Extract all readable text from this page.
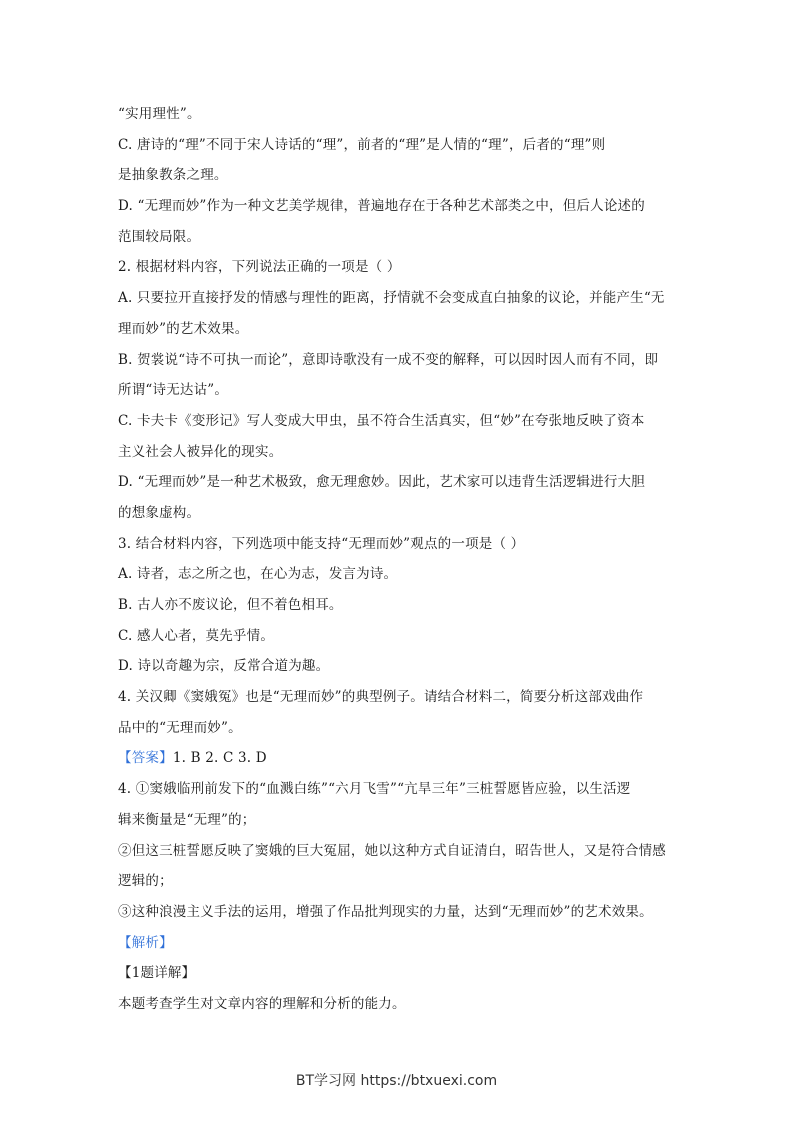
“实用理性”。
C. 唐诗的“理”不同于宋人诗话的“理”，前者的“理”是人情的“理”，后者的“理”则
是抽象教条之理。
D. “无理而妙”作为一种文艺美学规律，普遍地存在于各种艺术部类之中，但后人论述的
范围较局限。
2. 根据材料内容，下列说法正确的一项是（ ）
A. 只要拉开直接抒发的情感与理性的距离，抒情就不会变成直白抽象的议论，并能产生“无
理而妙”的艺术效果。
B. 贺裳说“诗不可执一而论”，意即诗歌没有一成不变的解释，可以因时因人而有不同，即
所谓“诗无达诂”。
C. 卡夫卡《变形记》写人变成大甲虫，虽不符合生活真实，但“妙”在夸张地反映了资本
主义社会人被异化的现实。
D. “无理而妙”是一种艺术极致，愈无理愈妙。因此，艺术家可以违背生活逻辑进行大胆
的想象虚构。
3. 结合材料内容，下列选项中能支持“无理而妙”观点的一项是（ ）
A. 诗者，志之所之也，在心为志，发言为诗。
B. 古人亦不废议论，但不着色相耳。
C. 感人心者，莫先乎情。
D. 诗以奇趣为宗，反常合道为趣。
4. 关汉卿《窦娥冤》也是“无理而妙”的典型例子。请结合材料二，简要分析这部戏曲作
品中的“无理而妙”。
【答案】1. B 2. C 3. D
4. ①窦娥临刑前发下的“血溅白练”“六月飞雪”“亢旱三年”三桩誓愿皆应验，以生活逻
辑来衡量是“无理”的；
②但这三桩誓愿反映了窦娥的巨大冤屈，她以这种方式自证清白，昭告世人，又是符合情感
逻辑的；
③这种浪漫主义手法的运用，增强了作品批判现实的力量，达到“无理而妙”的艺术效果。
【解析】
【1题详解】
本题考查学生对文章内容的理解和分析的能力。
BT学习网 https://btxuexi.com
